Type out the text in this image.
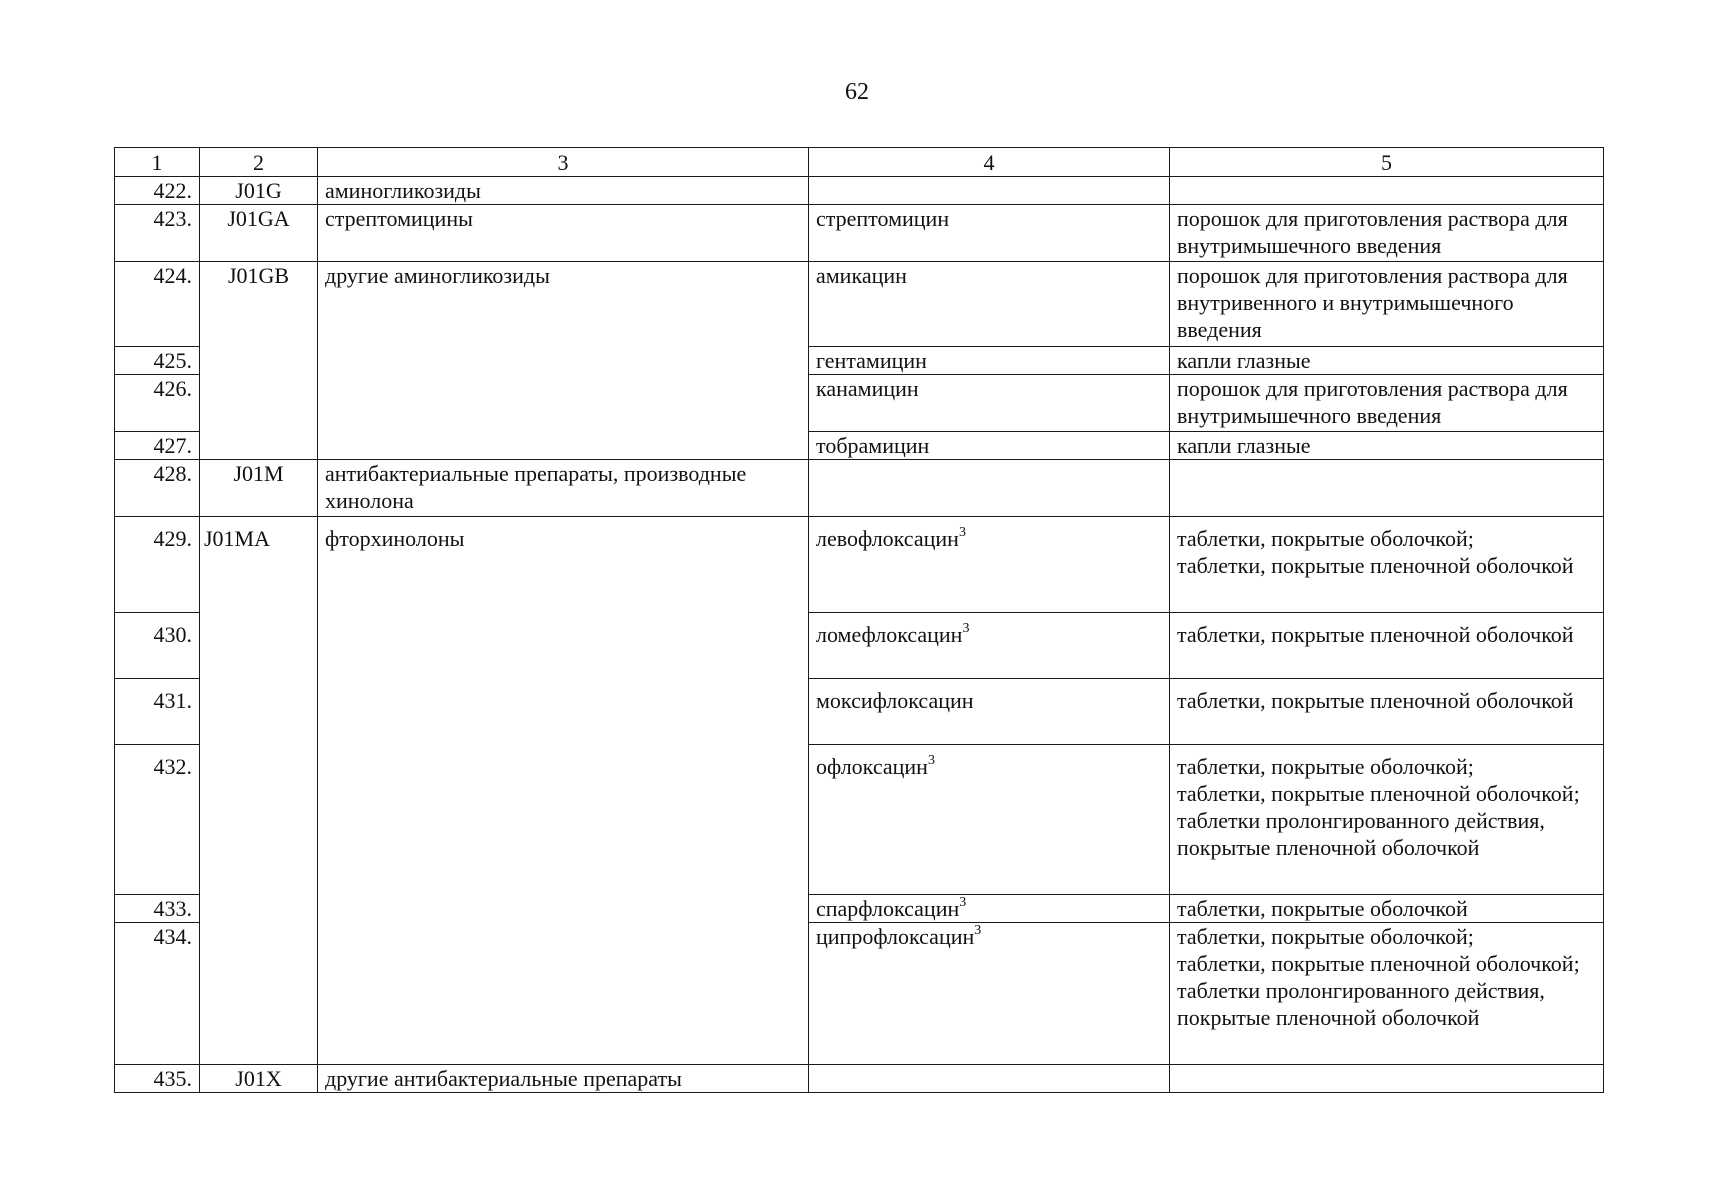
62
1	2	3	4	5
422.	J01G	аминогликозиды		
423.	J01GA	стрептомицины	стрептомицин	порошок для приготовления раствора для внутримышечного введения
424.	J01GB	другие аминогликозиды	амикацин	порошок для приготовления раствора для внутривенного и внутримышечного введения
425.			гентамицин	капли глазные
426.			канамицин	порошок для приготовления раствора для внутримышечного введения
427.			тобрамицин	капли глазные
428.	J01M	антибактериальные препараты, производные хинолона		
429.	J01MA	фторхинолоны	левофлоксацин$^3$	таблетки, покрытые оболочкой;
таблетки, покрытые пленочной оболочкой
430.			ломефлоксацин$^3$	таблетки, покрытые пленочной оболочкой
431.			моксифлоксацин	таблетки, покрытые пленочной оболочкой
432.			офлоксацин$^3$	таблетки, покрытые оболочкой;
таблетки, покрытые пленочной оболочкой;
таблетки пролонгированного действия, покрытые пленочной оболочкой
433.			спарфлоксацин$^3$	таблетки, покрытые оболочкой
434.			ципрофлоксацин$^3$	таблетки, покрытые оболочкой;
таблетки, покрытые пленочной оболочкой;
таблетки пролонгированного действия, покрытые пленочной оболочкой
435.	J01X	другие антибактериальные препараты		
